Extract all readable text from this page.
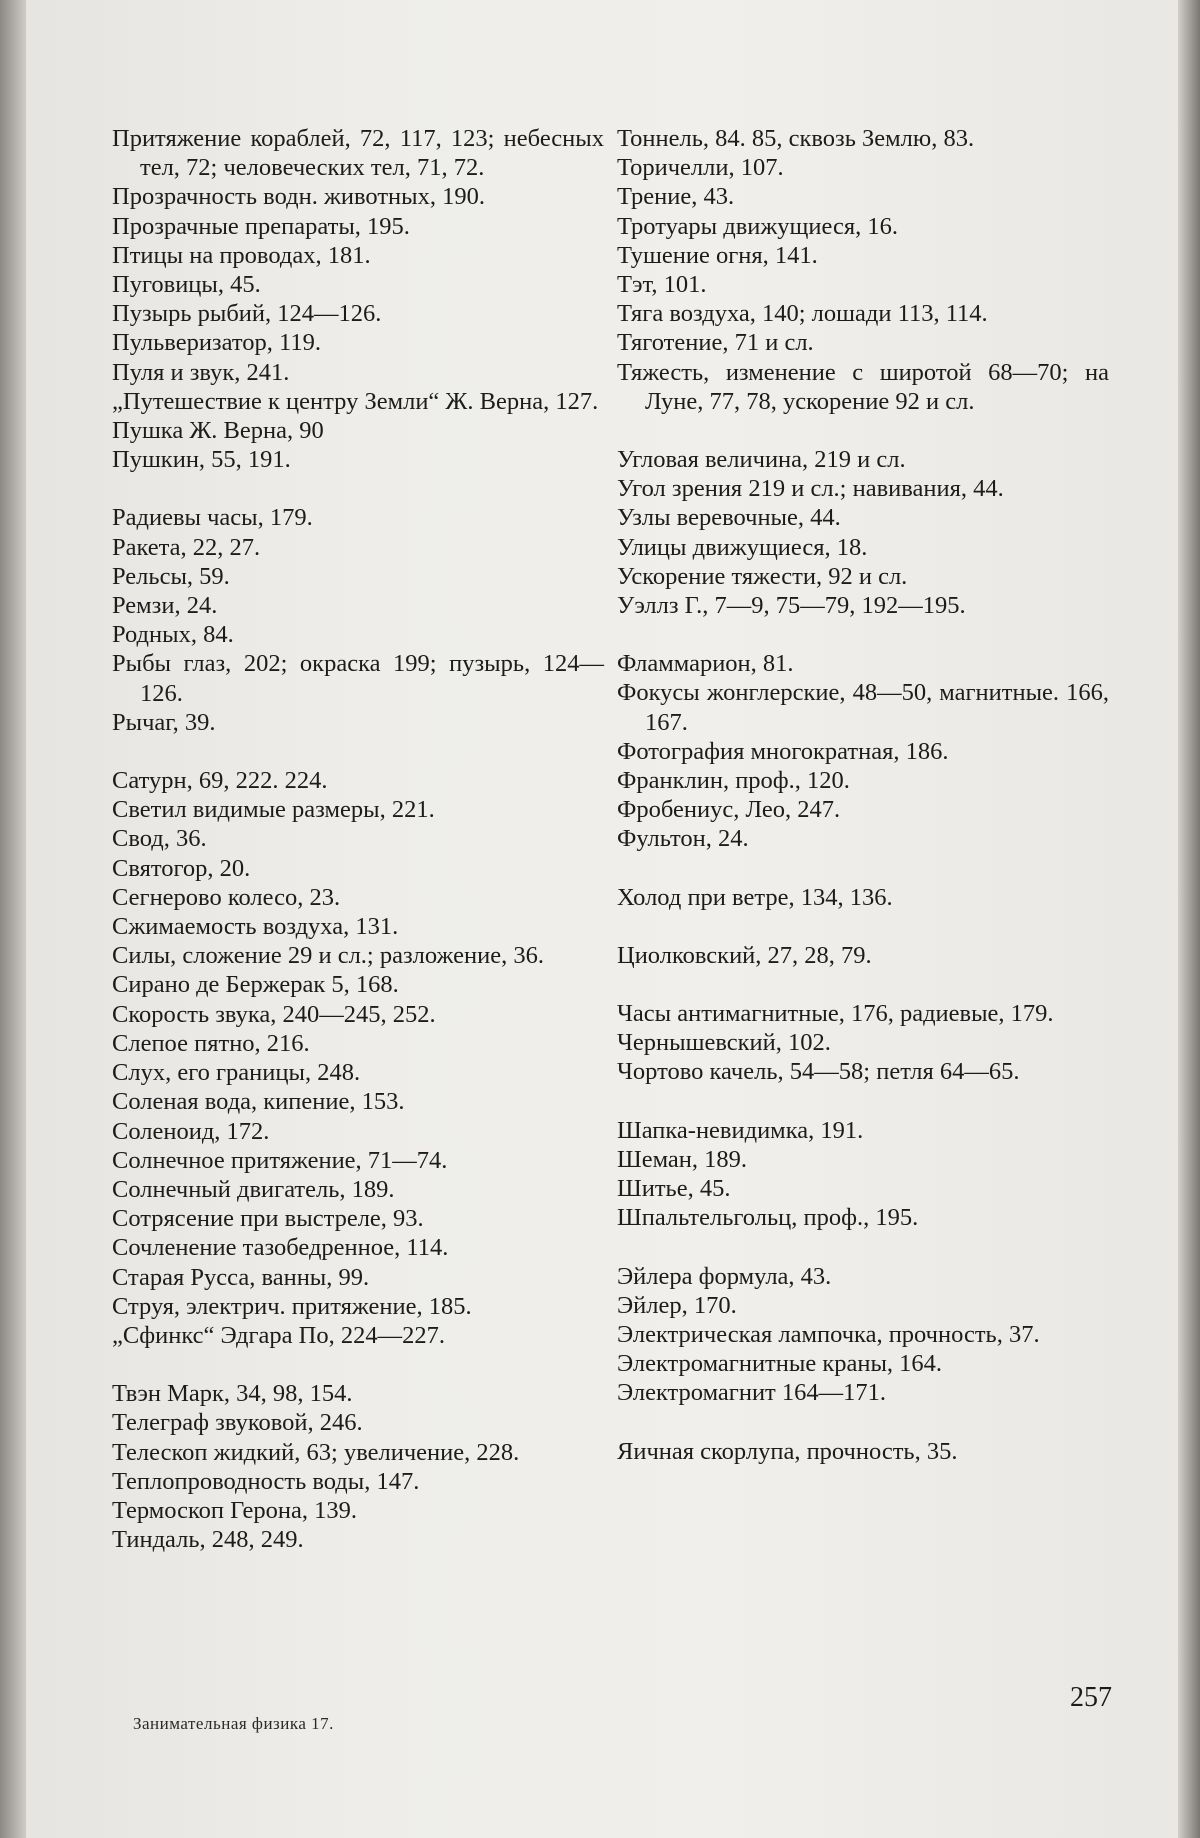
Притяжение кораблей, 72, 117, 123; небесных тел, 72; человеческих тел, 71, 72.
Прозрачность водн. животных, 190.
Прозрачные препараты, 195.
Птицы на проводах, 181.
Пуговицы, 45.
Пузырь рыбий, 124—126.
Пульверизатор, 119.
Пуля и звук, 241.
„Путешествие к центру Земли“ Ж. Верна, 127.
Пушка Ж. Верна, 90
Пушкин, 55, 191.
Радиевы часы, 179.
Ракета, 22, 27.
Рельсы, 59.
Ремзи, 24.
Родных, 84.
Рыбы глаз, 202; окраска 199; пузырь, 124—126.
Рычаг, 39.
Сатурн, 69, 222. 224.
Светил видимые размеры, 221.
Свод, 36.
Святогор, 20.
Сегнерово колесо, 23.
Сжимаемость воздуха, 131.
Силы, сложение 29 и сл.; разложение, 36.
Сирано де Бержерак 5, 168.
Скорость звука, 240—245, 252.
Слепое пятно, 216.
Слух, его границы, 248.
Соленая вода, кипение, 153.
Соленоид, 172.
Солнечное притяжение, 71—74.
Солнечный двигатель, 189.
Сотрясение при выстреле, 93.
Сочленение тазобедренное, 114.
Старая Русса, ванны, 99.
Струя, электрич. притяжение, 185.
„Сфинкс“ Эдгара По, 224—227.
Твэн Марк, 34, 98, 154.
Телеграф звуковой, 246.
Телескоп жидкий, 63; увеличение, 228.
Теплопроводность воды, 147.
Термоскоп Герона, 139.
Тиндаль, 248, 249.
Тоннель, 84. 85, сквозь Землю, 83.
Торичелли, 107.
Трение, 43.
Тротуары движущиеся, 16.
Тушение огня, 141.
Тэт, 101.
Тяга воздуха, 140; лошади 113, 114.
Тяготение, 71 и сл.
Тяжесть, изменение с широтой 68—70; на Луне, 77, 78, ускорение 92 и сл.
Угловая величина, 219 и сл.
Угол зрения 219 и сл.; навивания, 44.
Узлы веревочные, 44.
Улицы движущиеся, 18.
Ускорение тяжести, 92 и сл.
Уэллз Г., 7—9, 75—79, 192—195.
Фламмарион, 81.
Фокусы жонглерские, 48—50, магнитные. 166, 167.
Фотография многократная, 186.
Франклин, проф., 120.
Фробениус, Лео, 247.
Фультон, 24.
Холод при ветре, 134, 136.
Циолковский, 27, 28, 79.
Часы антимагнитные, 176, радиевые, 179.
Чернышевский, 102.
Чортово качель, 54—58; петля 64—65.
Шапка-невидимка, 191.
Шеман, 189.
Шитье, 45.
Шпальтельгольц, проф., 195.
Эйлера формула, 43.
Эйлер, 170.
Электрическая лампочка, прочность, 37.
Электромагнитные краны, 164.
Электромагнит 164—171.
Яичная скорлупа, прочность, 35.
257
Занимательная физика 17.
